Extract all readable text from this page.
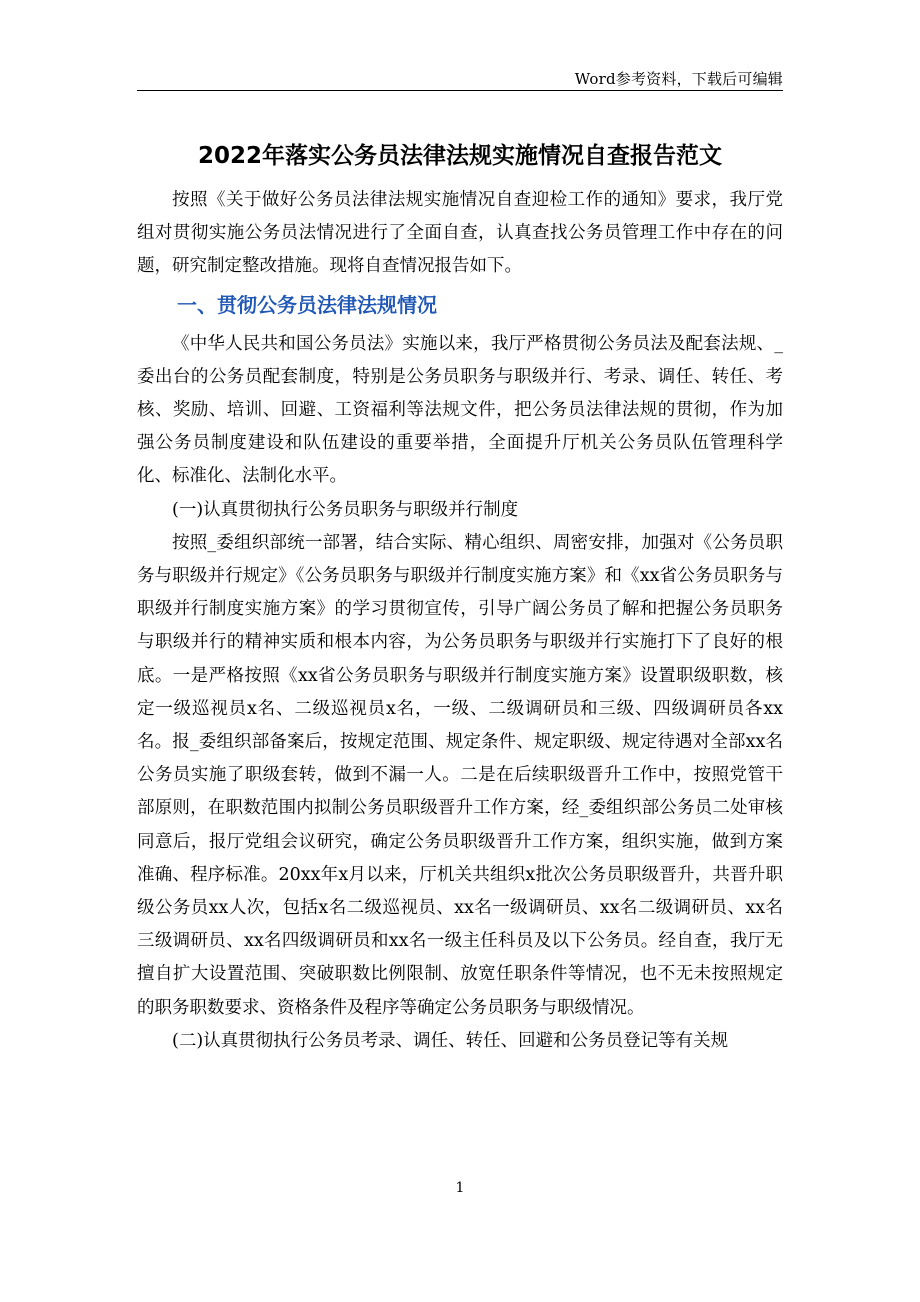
Word参考资料，下载后可编辑
2022年落实公务员法律法规实施情况自查报告范文

按照《关于做好公务员法律法规实施情况自查迎检工作的通知》要求，我厅党组对贯彻实施公务员法情况进行了全面自查，认真查找公务员管理工作中存在的问题，研究制定整改措施。现将自查情况报告如下。

一、贯彻公务员法律法规情况

《中华人民共和国公务员法》实施以来，我厅严格贯彻公务员法及配套法规、_委出台的公务员配套制度，特别是公务员职务与职级并行、考录、调任、转任、考核、奖励、培训、回避、工资福利等法规文件，把公务员法律法规的贯彻，作为加强公务员制度建设和队伍建设的重要举措，全面提升厅机关公务员队伍管理科学化、标准化、法制化水平。

(一)认真贯彻执行公务员职务与职级并行制度

按照_委组织部统一部署，结合实际、精心组织、周密安排，加强对《公务员职务与职级并行规定》《公务员职务与职级并行制度实施方案》和《xx省公务员职务与职级并行制度实施方案》的学习贯彻宣传，引导广阔公务员了解和把握公务员职务与职级并行的精神实质和根本内容，为公务员职务与职级并行实施打下了良好的根底。一是严格按照《xx省公务员职务与职级并行制度实施方案》设置职级职数，核定一级巡视员x名、二级巡视员x名，一级、二级调研员和三级、四级调研员各xx名。报_委组织部备案后，按规定范围、规定条件、规定职级、规定待遇对全部xx名公务员实施了职级套转，做到不漏一人。二是在后续职级晋升工作中，按照党管干部原则，在职数范围内拟制公务员职级晋升工作方案，经_委组织部公务员二处审核同意后，报厅党组会议研究，确定公务员职级晋升工作方案，组织实施，做到方案准确、程序标准。20xx年x月以来，厅机关共组织x批次公务员职级晋升，共晋升职级公务员xx人次，包括x名二级巡视员、xx名一级调研员、xx名二级调研员、xx名三级调研员、xx名四级调研员和xx名一级主任科员及以下公务员。经自查，我厅无擅自扩大设置范围、突破职数比例限制、放宽任职条件等情况，也不无未按照规定的职务职数要求、资格条件及程序等确定公务员职务与职级情况。

(二)认真贯彻执行公务员考录、调任、转任、回避和公务员登记等有关规

1
